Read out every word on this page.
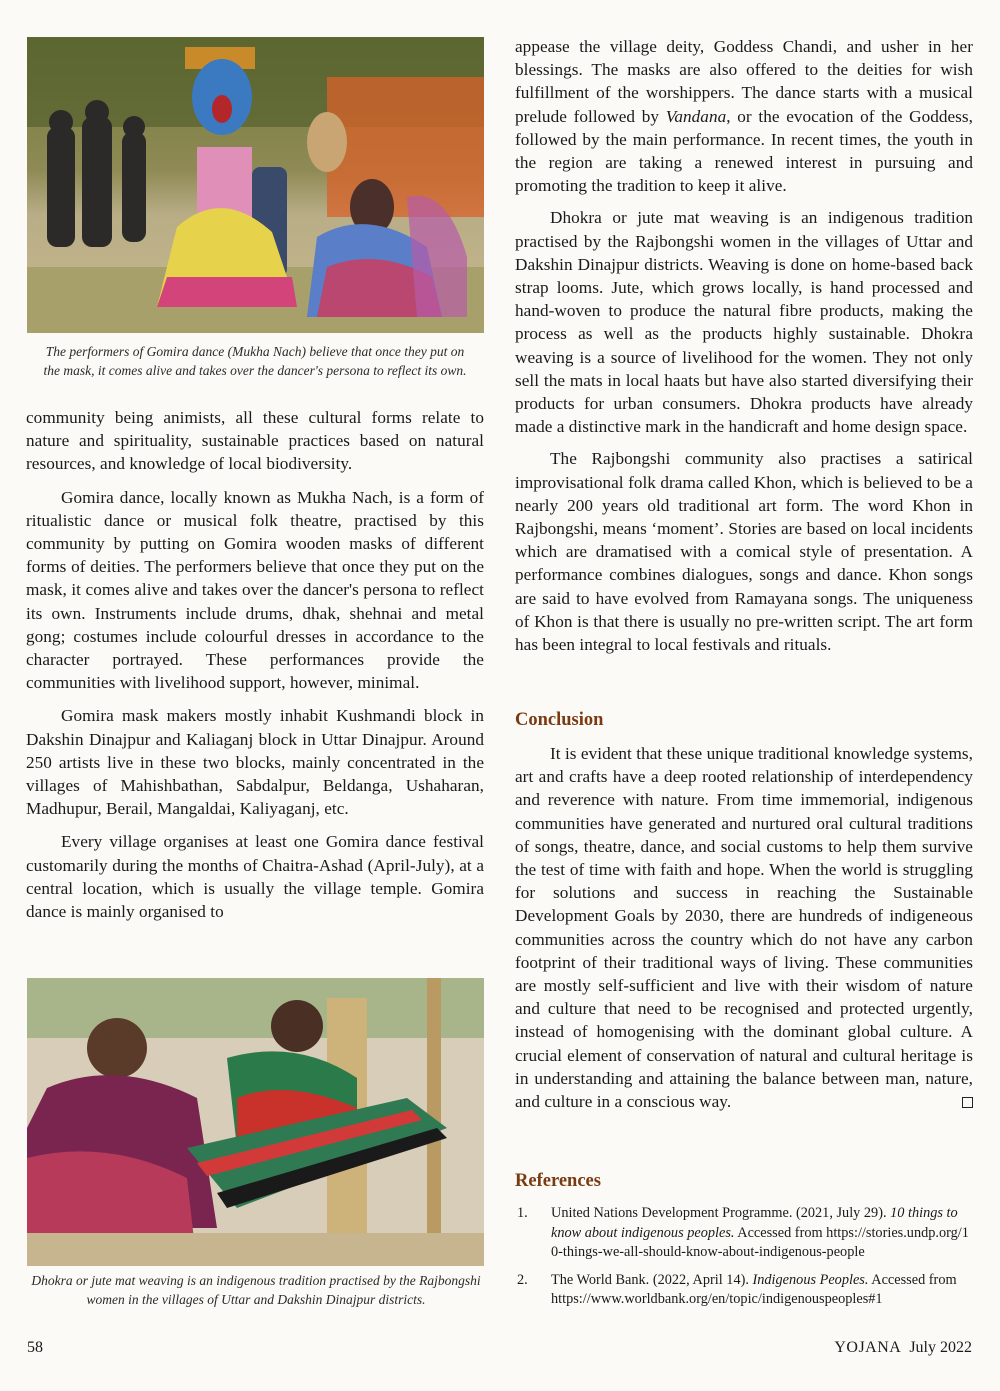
The performers of Gomira dance (Mukha Nach) believe that once they put on the mask, it comes alive and takes over the dancer's persona to reflect its own.

community being animists, all these cultural forms relate to nature and spirituality, sustainable practices based on natural resources, and knowledge of local biodiversity.

Gomira dance, locally known as Mukha Nach, is a form of ritualistic dance or musical folk theatre, practised by this community by putting on Gomira wooden masks of different forms of deities. The performers believe that once they put on the mask, it comes alive and takes over the dancer's persona to reflect its own. Instruments include drums, dhak, shehnai and metal gong; costumes include colourful dresses in accordance to the character portrayed. These performances provide the communities with livelihood support, however, minimal.

Gomira mask makers mostly inhabit Kushmandi block in Dakshin Dinajpur and Kaliaganj block in Uttar Dinajpur. Around 250 artists live in these two blocks, mainly concentrated in the villages of Mahishbathan, Sabdalpur, Beldanga, Ushaharan, Madhupur, Berail, Mangaldai, Kaliyaganj, etc.

Every village organises at least one Gomira dance festival customarily during the months of Chaitra-Ashad (April-July), at a central location, which is usually the village temple. Gomira dance is mainly organised to

Dhokra or jute mat weaving is an indigenous tradition practised by the Rajbongshi women in the villages of Uttar and Dakshin Dinajpur districts.

appease the village deity, Goddess Chandi, and usher in her blessings. The masks are also offered to the deities for wish fulfillment of the worshippers. The dance starts with a musical prelude followed by Vandana, or the evocation of the Goddess, followed by the main performance. In recent times, the youth in the region are taking a renewed interest in pursuing and promoting the tradition to keep it alive.

Dhokra or jute mat weaving is an indigenous tradition practised by the Rajbongshi women in the villages of Uttar and Dakshin Dinajpur districts. Weaving is done on home-based back strap looms. Jute, which grows locally, is hand processed and hand-woven to produce the natural fibre products, making the process as well as the products highly sustainable. Dhokra weaving is a source of livelihood for the women. They not only sell the mats in local haats but have also started diversifying their products for urban consumers. Dhokra products have already made a distinctive mark in the handicraft and home design space.

The Rajbongshi community also practises a satirical improvisational folk drama called Khon, which is believed to be a nearly 200 years old traditional art form. The word Khon in Rajbongshi, means ‘moment’. Stories are based on local incidents which are dramatised with a comical style of presentation. A performance combines dialogues, songs and dance. Khon songs are said to have evolved from Ramayana songs. The uniqueness of Khon is that there is usually no pre-written script. The art form has been integral to local festivals and rituals.

Conclusion

It is evident that these unique traditional knowledge systems, art and crafts have a deep rooted relationship of interdependency and reverence with nature. From time immemorial, indigenous communities have generated and nurtured oral cultural traditions of songs, theatre, dance, and social customs to help them survive the test of time with faith and hope. When the world is struggling for solutions and success in reaching the Sustainable Development Goals by 2030, there are hundreds of indigeneous communities across the country which do not have any carbon footprint of their traditional ways of living. These communities are mostly self-sufficient and live with their wisdom of nature and culture that need to be recognised and protected urgently, instead of homogenising with the dominant global culture. A crucial element of conservation of natural and cultural heritage is in understanding and attaining the balance between man, nature, and culture in a conscious way.

References
1. United Nations Development Programme. (2021, July 29). 10 things to know about indigenous peoples. Accessed from https://stories.undp.org/10-things-we-all-should-know-about-indigenous-people
2. The World Bank. (2022, April 14). Indigenous Peoples. Accessed from https://www.worldbank.org/en/topic/indigenouspeoples#1
58	YOJANA July 2022
